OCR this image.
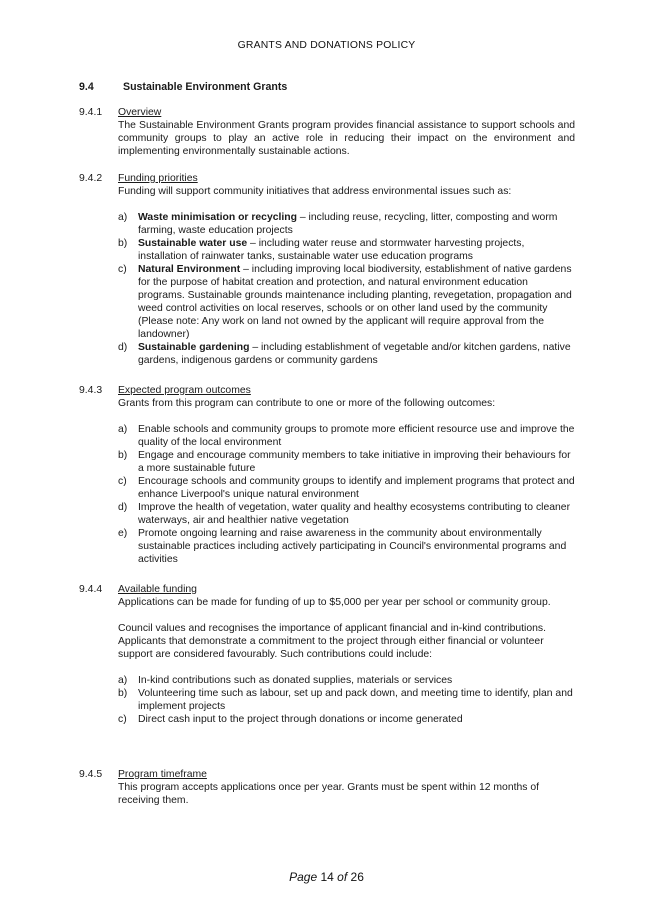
GRANTS AND DONATIONS POLICY
9.4	Sustainable Environment Grants
9.4.1 Overview

The Sustainable Environment Grants program provides financial assistance to support schools and community groups to play an active role in reducing their impact on the environment and implementing environmentally sustainable actions.

9.4.2 Funding priorities

Funding will support community initiatives that address environmental issues such as:

a) Waste minimisation or recycling – including reuse, recycling, litter, composting and worm farming, waste education projects
b) Sustainable water use – including water reuse and stormwater harvesting projects, installation of rainwater tanks, sustainable water use education programs
c) Natural Environment – including improving local biodiversity, establishment of native gardens for the purpose of habitat creation and protection, and natural environment education programs. Sustainable grounds maintenance including planting, revegetation, propagation and weed control activities on local reserves, schools or on other land used by the community (Please note: Any work on land not owned by the applicant will require approval from the landowner)
d) Sustainable gardening – including establishment of vegetable and/or kitchen gardens, native gardens, indigenous gardens or community gardens
9.4.3 Expected program outcomes

Grants from this program can contribute to one or more of the following outcomes:

a) Enable schools and community groups to promote more efficient resource use and improve the quality of the local environment
b) Engage and encourage community members to take initiative in improving their behaviours for a more sustainable future
c) Encourage schools and community groups to identify and implement programs that protect and enhance Liverpool's unique natural environment
d) Improve the health of vegetation, water quality and healthy ecosystems contributing to cleaner waterways, air and healthier native vegetation
e) Promote ongoing learning and raise awareness in the community about environmentally sustainable practices including actively participating in Council's environmental programs and activities
9.4.4 Available funding

Applications can be made for funding of up to $5,000 per year per school or community group.

Council values and recognises the importance of applicant financial and in-kind contributions. Applicants that demonstrate a commitment to the project through either financial or volunteer support are considered favourably. Such contributions could include:

a) In-kind contributions such as donated supplies, materials or services
b) Volunteering time such as labour, set up and pack down, and meeting time to identify, plan and implement projects
c) Direct cash input to the project through donations or income generated
9.4.5 Program timeframe

This program accepts applications once per year. Grants must be spent within 12 months of receiving them.

Page 14 of 26
